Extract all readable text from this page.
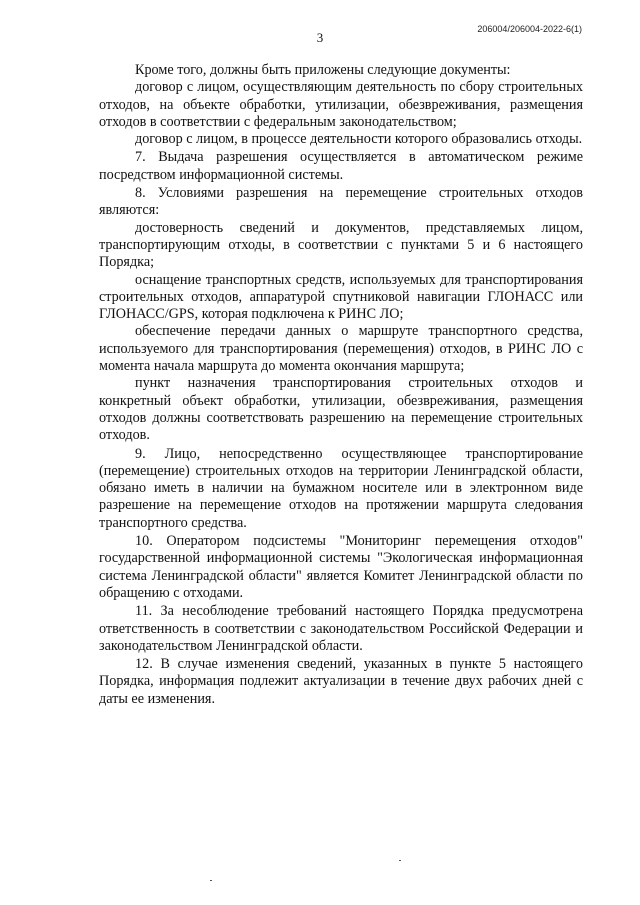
206004/206004-2022-6(1)
3

Кроме того, должны быть приложены следующие документы:

договор с лицом, осуществляющим деятельность по сбору строительных отходов, на объекте обработки, утилизации, обезвреживания, размещения отходов в соответствии с федеральным законодательством;

договор с лицом, в процессе деятельности которого образовались отходы.

7. Выдача разрешения осуществляется в автоматическом режиме посредством информационной системы.

8. Условиями разрешения на перемещение строительных отходов являются:

достоверность сведений и документов, представляемых лицом, транспортирующим отходы, в соответствии с пунктами 5 и 6 настоящего Порядка;

оснащение транспортных средств, используемых для транспортирования строительных отходов, аппаратурой спутниковой навигации ГЛОНАСС или ГЛОНАСС/GPS, которая подключена к РИНС ЛО;

обеспечение передачи данных о маршруте транспортного средства, используемого для транспортирования (перемещения) отходов, в РИНС ЛО с момента начала маршрута до момента окончания маршрута;

пункт назначения транспортирования строительных отходов и конкретный объект обработки, утилизации, обезвреживания, размещения отходов должны соответствовать разрешению на перемещение строительных отходов.

9. Лицо, непосредственно осуществляющее транспортирование (перемещение) строительных отходов на территории Ленинградской области, обязано иметь в наличии на бумажном носителе или в электронном виде разрешение на перемещение отходов на протяжении маршрута следования транспортного средства.

10. Оператором подсистемы "Мониторинг перемещения отходов" государственной информационной системы "Экологическая информационная система Ленинградской области" является Комитет Ленинградской области по обращению с отходами.

11. За несоблюдение требований настоящего Порядка предусмотрена ответственность в соответствии с законодательством Российской Федерации и законодательством Ленинградской области.

12. В случае изменения сведений, указанных в пункте 5 настоящего Порядка, информация подлежит актуализации в течение двух рабочих дней с даты ее изменения.
